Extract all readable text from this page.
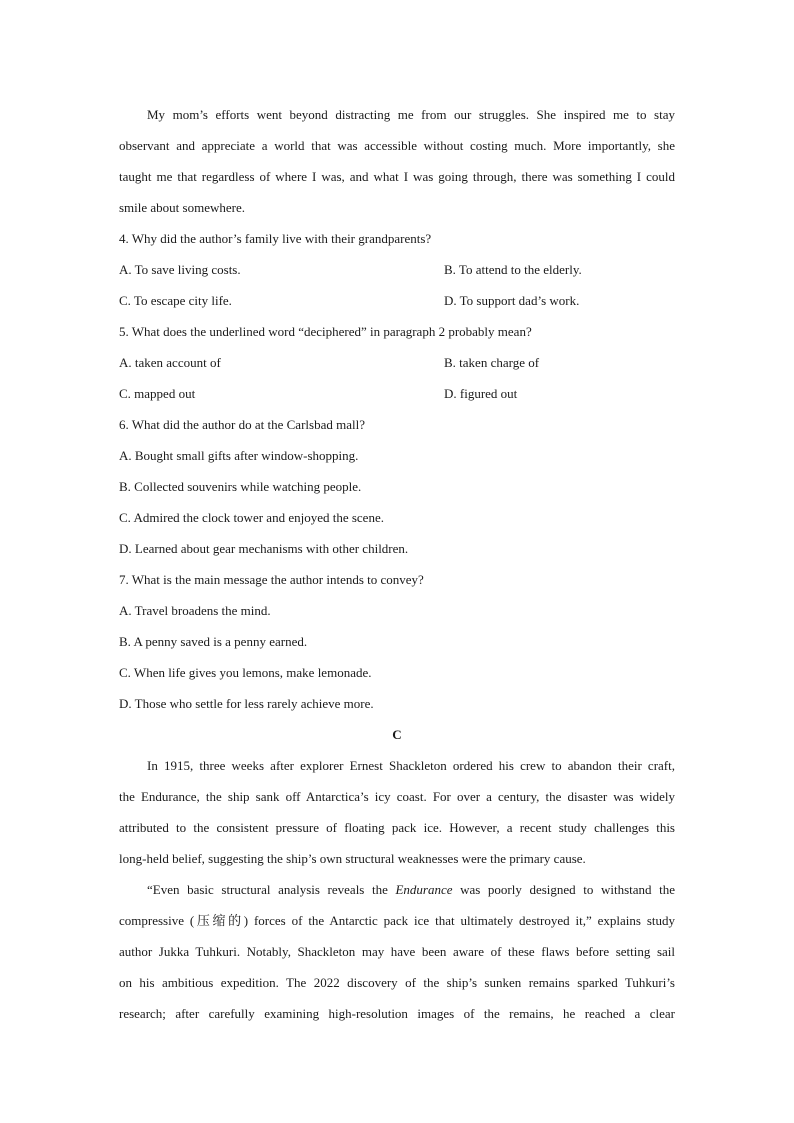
My mom’s efforts went beyond distracting me from our struggles. She inspired me to stay
observant and appreciate a world that was accessible without costing much. More importantly, she
taught me that regardless of where I was, and what I was going through, there was something I could
smile about somewhere.
4. Why did the author’s family live with their grandparents?
A. To save living costs.	B. To attend to the elderly.
C. To escape city life.	D. To support dad’s work.
5. What does the underlined word “deciphered” in paragraph 2 probably mean?
A. taken account of	B. taken charge of
C. mapped out	D. figured out
6. What did the author do at the Carlsbad mall?
A. Bought small gifts after window-shopping.
B. Collected souvenirs while watching people.
C. Admired the clock tower and enjoyed the scene.
D. Learned about gear mechanisms with other children.
7. What is the main message the author intends to convey?
A. Travel broadens the mind.
B. A penny saved is a penny earned.
C. When life gives you lemons, make lemonade.
D. Those who settle for less rarely achieve more.
C
In 1915, three weeks after explorer Ernest Shackleton ordered his crew to abandon their craft,
the Endurance, the ship sank off Antarctica’s icy coast. For over a century, the disaster was widely
attributed to the consistent pressure of floating pack ice. However, a recent study challenges this
long-held belief, suggesting the ship’s own structural weaknesses were the primary cause.
“Even basic structural analysis reveals the Endurance was poorly designed to withstand the
compressive (压缩的) forces of the Antarctic pack ice that ultimately destroyed it,” explains study
author Jukka Tuhkuri. Notably, Shackleton may have been aware of these flaws before setting sail
on his ambitious expedition. The 2022 discovery of the ship’s sunken remains sparked Tuhkuri’s
research; after carefully examining high-resolution images of the remains, he reached a clear
